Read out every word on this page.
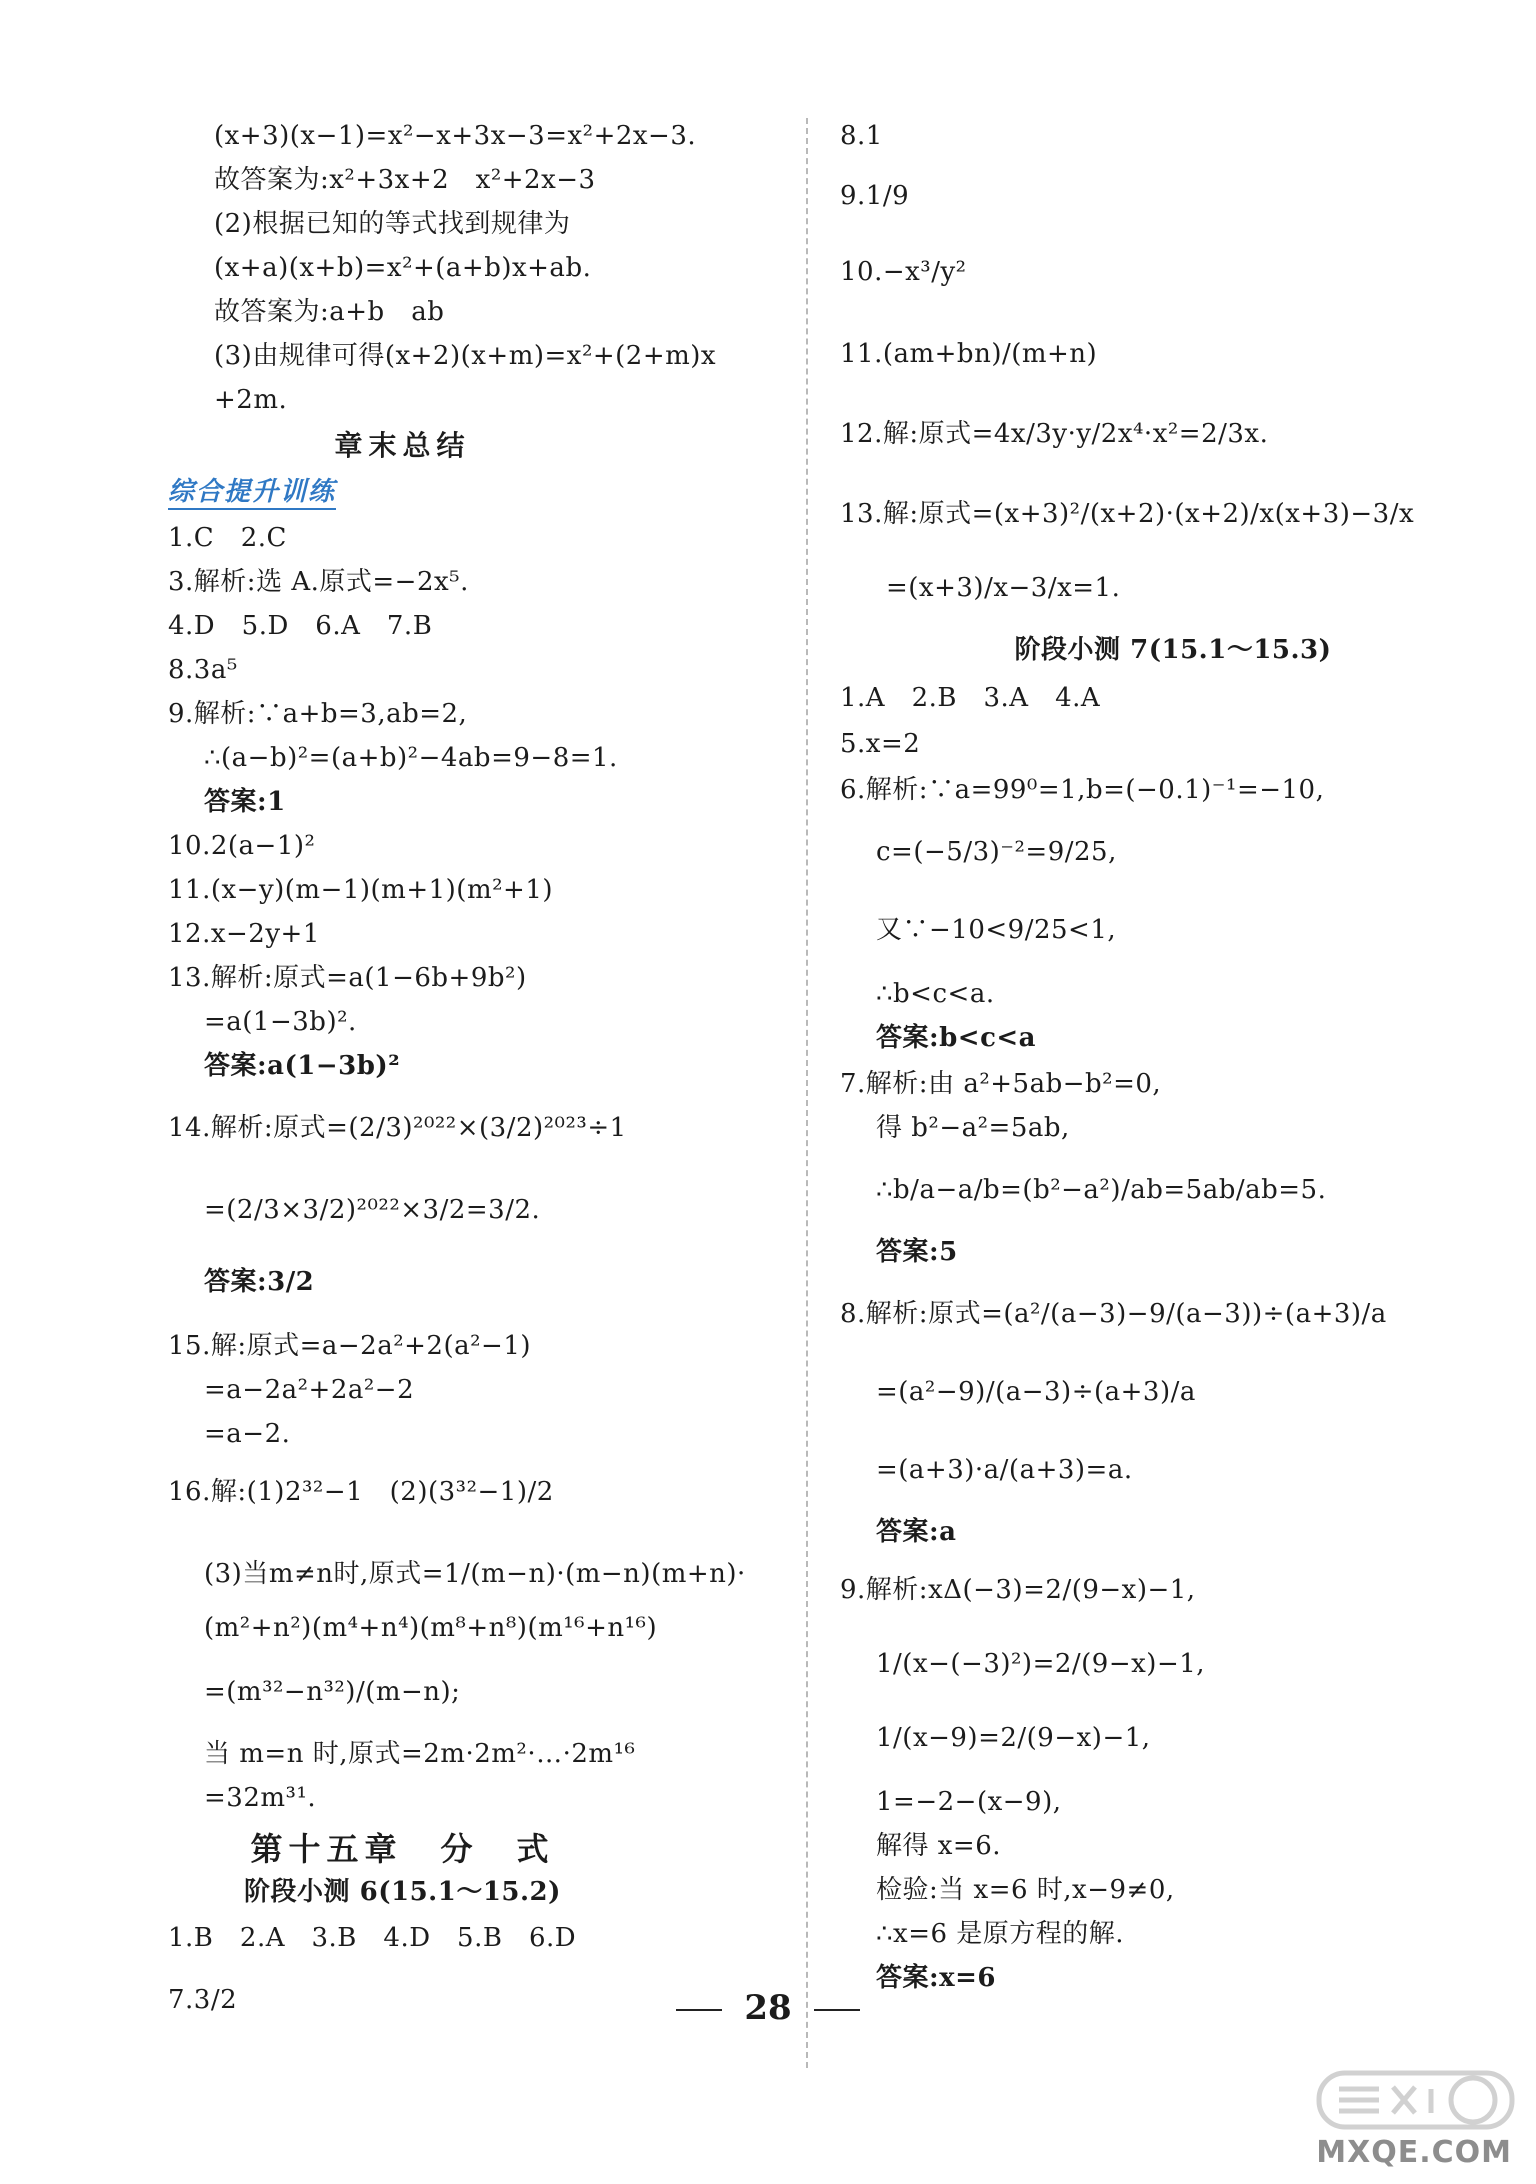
(x+3)(x−1)=x²−x+3x−3=x²+2x−3.
故答案为:x²+3x+2　x²+2x−3
(2)根据已知的等式找到规律为
(x+a)(x+b)=x²+(a+b)x+ab.
故答案为:a+b　ab
(3)由规律可得(x+2)(x+m)=x²+(2+m)x
+2m.
章末总结
综合提升训练
1.C　2.C
3.解析:选 A.原式=−2x⁵.
4.D　5.D　6.A　7.B
8.3a⁵
9.解析:∵a+b=3,ab=2,
∴(a−b)²=(a+b)²−4ab=9−8=1.
答案:1
10.2(a−1)²
11.(x−y)(m−1)(m+1)(m²+1)
12.x−2y+1
13.解析:原式=a(1−6b+9b²)
=a(1−3b)².
答案:a(1−3b)²
14.解析:原式=(2/3)²⁰²²×(3/2)²⁰²³÷1
=(2/3×3/2)²⁰²²×3/2=3/2.
答案:3/2
15.解:原式=a−2a²+2(a²−1)
=a−2a²+2a²−2
=a−2.
16.解:(1)2³²−1　(2)(3³²−1)/2
(3)当m≠n时,原式=1/(m−n)·(m−n)(m+n)·
(m²+n²)(m⁴+n⁴)(m⁸+n⁸)(m¹⁶+n¹⁶)
=(m³²−n³²)/(m−n);
当 m=n 时,原式=2m·2m²·…·2m¹⁶
=32m³¹.
第十五章　分　式
阶段小测 6(15.1～15.2)
1.B　2.A　3.B　4.D　5.B　6.D
7.3/2
8.1
9.1/9
10.−x³/y²
11.(am+bn)/(m+n)
12.解:原式=4x/3y·y/2x⁴·x²=2/3x.
13.解:原式=(x+3)²/(x+2)·(x+2)/x(x+3)−3/x
=(x+3)/x−3/x=1.
阶段小测 7(15.1～15.3)
1.A　2.B　3.A　4.A
5.x=2
6.解析:∵a=99⁰=1,b=(−0.1)⁻¹=−10,
c=(−5/3)⁻²=9/25,
又∵−10<9/25<1,
∴b<c<a.
答案:b<c<a
7.解析:由 a²+5ab−b²=0,
得 b²−a²=5ab,
∴b/a−a/b=(b²−a²)/ab=5ab/ab=5.
答案:5
8.解析:原式=(a²/(a−3)−9/(a−3))÷(a+3)/a
=(a²−9)/(a−3)÷(a+3)/a
=(a+3)·a/(a+3)=a.
答案:a
9.解析:xΔ(−3)=2/(9−x)−1,
1/(x−(−3)²)=2/(9−x)−1,
1/(x−9)=2/(9−x)−1,
1=−2−(x−9),
解得 x=6.
检验:当 x=6 时,x−9≠0,
∴x=6 是原方程的解.
答案:x=6
28
MXQE.COM
